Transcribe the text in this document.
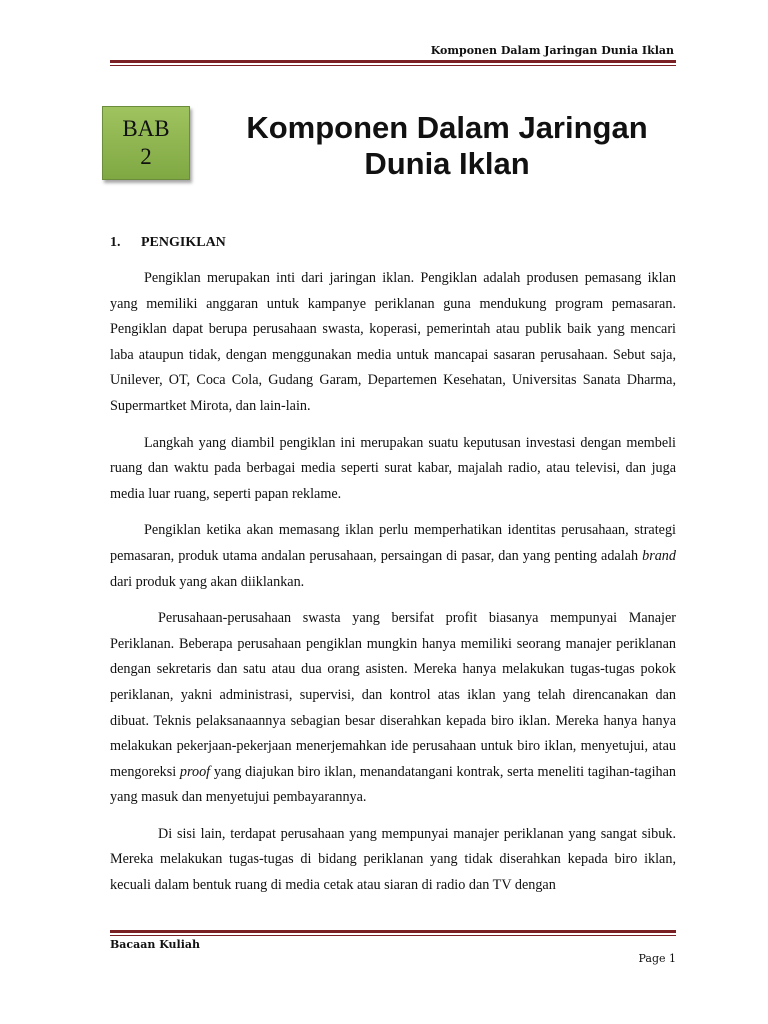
Komponen Dalam Jaringan Dunia Iklan
BAB
2
Komponen Dalam Jaringan Dunia Iklan
1. PENGIKLAN

Pengiklan merupakan inti dari jaringan iklan. Pengiklan adalah produsen pemasang iklan yang memiliki anggaran untuk kampanye periklanan guna mendukung program pemasaran. Pengiklan dapat berupa perusahaan swasta, koperasi, pemerintah atau publik baik yang mencari laba ataupun tidak, dengan menggunakan media untuk mancapai sasaran perusahaan. Sebut saja, Unilever, OT, Coca Cola, Gudang Garam, Departemen Kesehatan, Universitas Sanata Dharma, Supermartket Mirota, dan lain-lain.

Langkah yang diambil pengiklan ini merupakan suatu keputusan investasi dengan membeli ruang dan waktu pada berbagai media seperti surat kabar, majalah radio, atau televisi, dan juga media luar ruang, seperti papan reklame.

Pengiklan ketika akan memasang iklan perlu memperhatikan identitas perusahaan, strategi pemasaran, produk utama andalan perusahaan, persaingan di pasar, dan yang penting adalah brand dari produk yang akan diiklankan.

Perusahaan-perusahaan swasta yang bersifat profit biasanya mempunyai Manajer Periklanan. Beberapa perusahaan pengiklan mungkin hanya memiliki seorang manajer periklanan dengan sekretaris dan satu atau dua orang asisten. Mereka hanya melakukan tugas-tugas pokok periklanan, yakni administrasi, supervisi, dan kontrol atas iklan yang telah direncanakan dan dibuat. Teknis pelaksanaannya sebagian besar diserahkan kepada biro iklan. Mereka hanya hanya melakukan pekerjaan-pekerjaan menerjemahkan ide perusahaan untuk biro iklan, menyetujui, atau mengoreksi proof yang diajukan biro iklan, menandatangani kontrak, serta meneliti tagihan-tagihan yang masuk dan menyetujui pembayarannya.

Di sisi lain, terdapat perusahaan yang mempunyai manajer periklanan yang sangat sibuk. Mereka melakukan tugas-tugas di bidang periklanan yang tidak diserahkan kepada biro iklan, kecuali dalam bentuk ruang di media cetak atau siaran di radio dan TV dengan

Bacaan Kuliah
Page 1
